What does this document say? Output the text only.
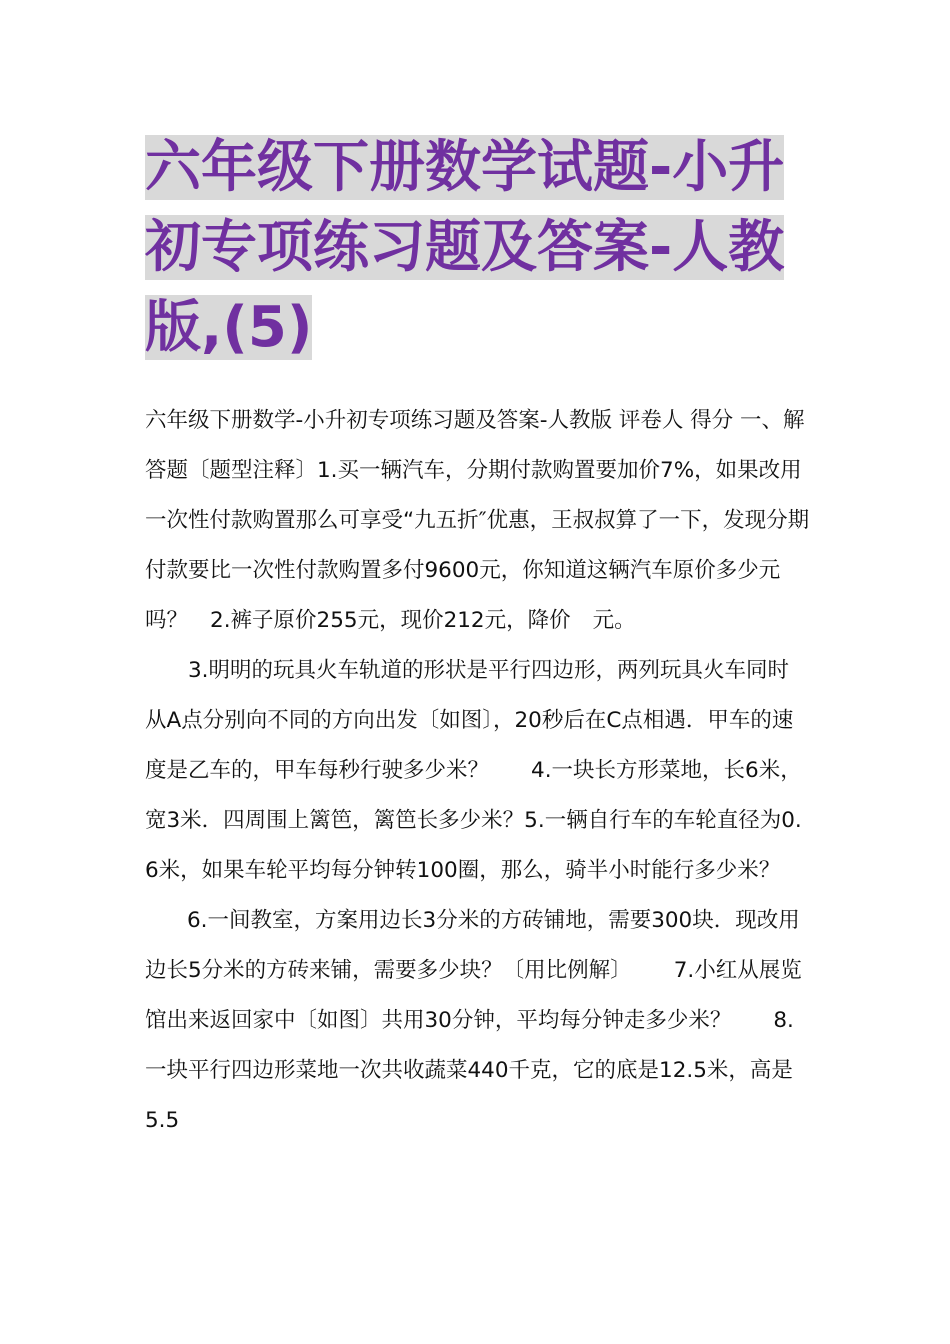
六年级下册数学试题-小升初专项练习题及答案-人教版,(5)

六年级下册数学-小升初专项练习题及答案-人教版 评卷人 得分 一、解答题〔题型注释〕1.买一辆汽车，分期付款购置要加价7%，如果改用一次性付款购置那么可享受“九五折″优惠，王叔叔算了一下，发现分期付款要比一次性付款购置多付9600元，你知道这辆汽车原价多少元吗？ 2.裤子原价255元，现价212元，降价 元。

3.明明的玩具火车轨道的形状是平行四边形，两列玩具火车同时从A点分别向不同的方向出发〔如图〕，20秒后在C点相遇．甲车的速度是乙车的，甲车每秒行驶多少米？ 4.一块长方形菜地，长6米，宽3米．四周围上篱笆，篱笆长多少米？5.一辆自行车的车轮直径为0.6米，如果车轮平均每分钟转100圈，那么，骑半小时能行多少米？6.一间教室，方案用边长3分米的方砖铺地，需要300块．现改用边长5分米的方砖来铺，需要多少块？〔用比例解〕 7.小红从展览馆出来返回家中〔如图〕共用30分钟，平均每分钟走多少米？ 8.一块平行四边形菜地一次共收蔬菜440千克，它的底是12.5米，高是5.5
